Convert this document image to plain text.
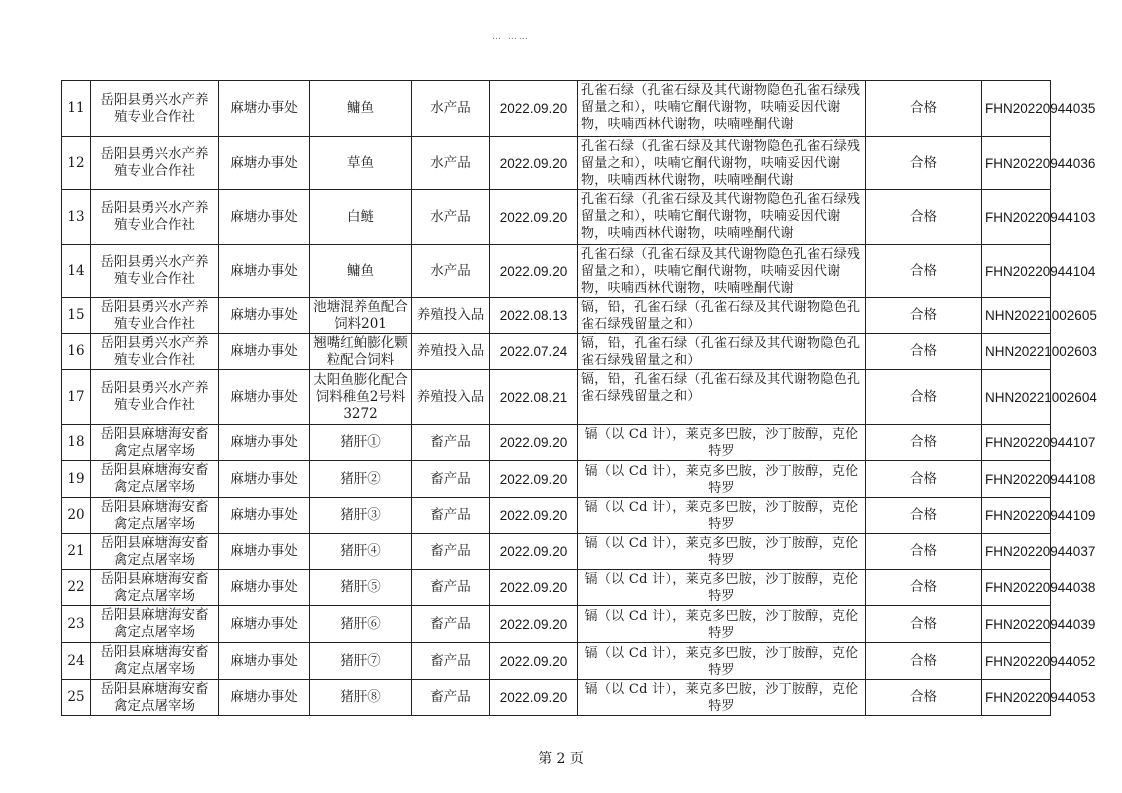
… ……
11	岳阳县勇兴水产养殖专业合作社	麻塘办事处	鳙鱼	水产品	2022.09.20	孔雀石绿（孔雀石绿及其代谢物隐色孔雀石绿残留量之和），呋喃它酮代谢物，呋喃妥因代谢物，呋喃西林代谢物，呋喃唑酮代谢	合格	FHN20220944035
12	岳阳县勇兴水产养殖专业合作社	麻塘办事处	草鱼	水产品	2022.09.20	孔雀石绿（孔雀石绿及其代谢物隐色孔雀石绿残留量之和），呋喃它酮代谢物，呋喃妥因代谢物，呋喃西林代谢物，呋喃唑酮代谢	合格	FHN20220944036
13	岳阳县勇兴水产养殖专业合作社	麻塘办事处	白鲢	水产品	2022.09.20	孔雀石绿（孔雀石绿及其代谢物隐色孔雀石绿残留量之和），呋喃它酮代谢物，呋喃妥因代谢物，呋喃西林代谢物，呋喃唑酮代谢	合格	FHN20220944103
14	岳阳县勇兴水产养殖专业合作社	麻塘办事处	鳙鱼	水产品	2022.09.20	孔雀石绿（孔雀石绿及其代谢物隐色孔雀石绿残留量之和），呋喃它酮代谢物，呋喃妥因代谢物，呋喃西林代谢物，呋喃唑酮代谢	合格	FHN20220944104
15	岳阳县勇兴水产养殖专业合作社	麻塘办事处	池塘混养鱼配合饲料201	养殖投入品	2022.08.13	镉，铅，孔雀石绿（孔雀石绿及其代谢物隐色孔雀石绿残留量之和）	合格	NHN20221002605
16	岳阳县勇兴水产养殖专业合作社	麻塘办事处	翘嘴红鲌膨化颗粒配合饲料	养殖投入品	2022.07.24	镉，铅，孔雀石绿（孔雀石绿及其代谢物隐色孔雀石绿残留量之和）	合格	NHN20221002603
17	岳阳县勇兴水产养殖专业合作社	麻塘办事处	太阳鱼膨化配合饲料稚鱼2号料3272	养殖投入品	2022.08.21	镉，铅，孔雀石绿（孔雀石绿及其代谢物隐色孔雀石绿残留量之和）	合格	NHN20221002604
18	岳阳县麻塘海安畜禽定点屠宰场	麻塘办事处	猪肝①	畜产品	2022.09.20	镉（以 Cd 计），莱克多巴胺，沙丁胺醇，克伦特罗	合格	FHN20220944107
19	岳阳县麻塘海安畜禽定点屠宰场	麻塘办事处	猪肝②	畜产品	2022.09.20	镉（以 Cd 计），莱克多巴胺，沙丁胺醇，克伦特罗	合格	FHN20220944108
20	岳阳县麻塘海安畜禽定点屠宰场	麻塘办事处	猪肝③	畜产品	2022.09.20	镉（以 Cd 计），莱克多巴胺，沙丁胺醇，克伦特罗	合格	FHN20220944109
21	岳阳县麻塘海安畜禽定点屠宰场	麻塘办事处	猪肝④	畜产品	2022.09.20	镉（以 Cd 计），莱克多巴胺，沙丁胺醇，克伦特罗	合格	FHN20220944037
22	岳阳县麻塘海安畜禽定点屠宰场	麻塘办事处	猪肝⑤	畜产品	2022.09.20	镉（以 Cd 计），莱克多巴胺，沙丁胺醇，克伦特罗	合格	FHN20220944038
23	岳阳县麻塘海安畜禽定点屠宰场	麻塘办事处	猪肝⑥	畜产品	2022.09.20	镉（以 Cd 计），莱克多巴胺，沙丁胺醇，克伦特罗	合格	FHN20220944039
24	岳阳县麻塘海安畜禽定点屠宰场	麻塘办事处	猪肝⑦	畜产品	2022.09.20	镉（以 Cd 计），莱克多巴胺，沙丁胺醇，克伦特罗	合格	FHN20220944052
25	岳阳县麻塘海安畜禽定点屠宰场	麻塘办事处	猪肝⑧	畜产品	2022.09.20	镉（以 Cd 计），莱克多巴胺，沙丁胺醇，克伦特罗	合格	FHN20220944053
第 2 页
